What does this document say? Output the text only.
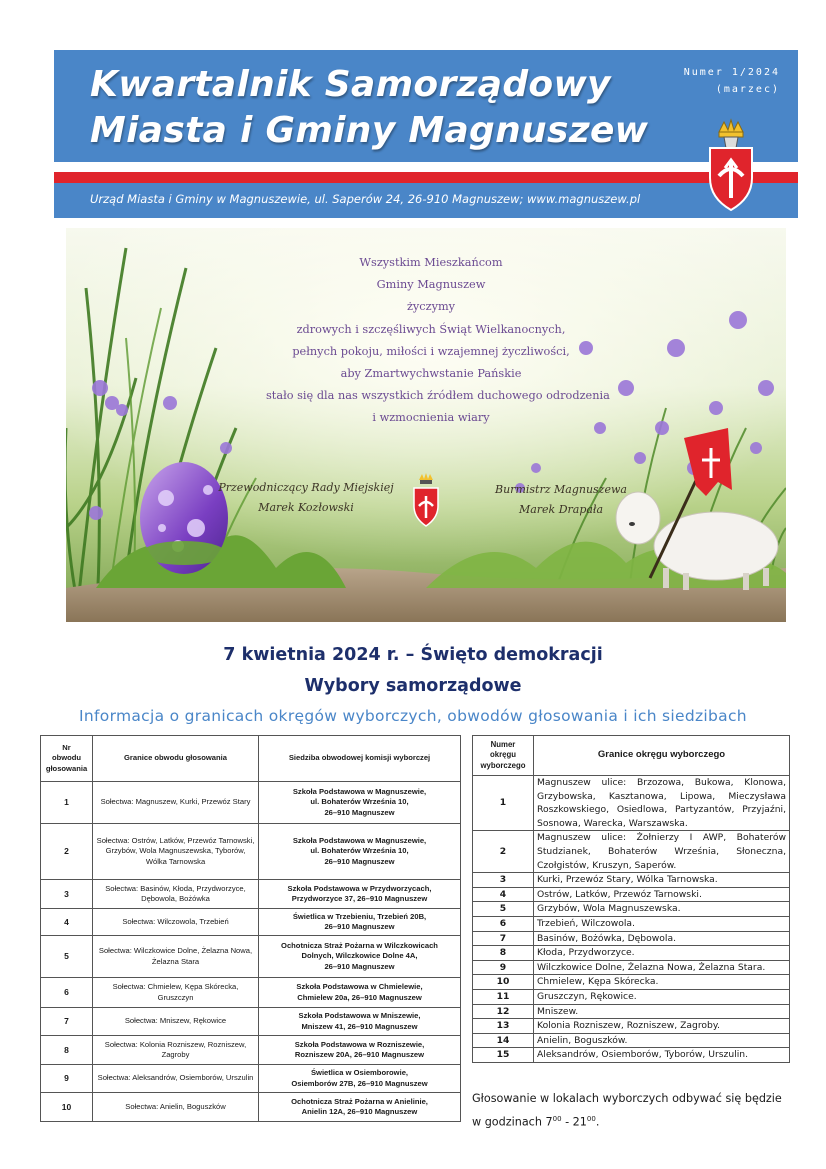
Kwartalnik Samorządowy
Miasta i Gminy Magnuszew
Numer 1/2024
(marzec)
Urząd Miasta i Gminy w Magnuszewie, ul. Saperów 24, 26-910 Magnuszew; www.magnuszew.pl
Wszystkim Mieszkańcom
Gminy Magnuszew
życzymy
zdrowych i szczęśliwych Świąt Wielkanocnych,
pełnych pokoju, miłości i wzajemnej życzliwości,
aby Zmartwychwstanie Pańskie
stało się dla nas wszystkich źródłem duchowego odrodzenia
i wzmocnienia wiary
Przewodniczący Rady Miejskiej
Marek Kozłowski
Burmistrz Magnuszewa
Marek Drapała
7 kwietnia 2024 r. – Święto demokracji
Wybory samorządowe
Informacja o granicach okręgów wyborczych, obwodów głosowania i ich siedzibach
Nr
obwodu
głosowania	Granice obwodu głosowania	Siedziba obwodowej komisji wyborczej
1	Sołectwa: Magnuszew, Kurki, Przewóz Stary	Szkoła Podstawowa w Magnuszewie,
ul. Bohaterów Września 10,
26–910 Magnuszew

2	Sołectwa: Ostrów, Latków, Przewóz Tarnowski, Grzybów, Wola Magnuszewska, Tyborów, Wólka Tarnowska	Szkoła Podstawowa w Magnuszewie,
ul. Bohaterów Września 10,
26–910 Magnuszew

3	Sołectwa: Basinów, Kłoda, Przydworzyce, Dębowola, Bożówka	Szkoła Podstawowa w Przydworzycach,
Przydworzyce 37, 26–910 Magnuszew

4	Sołectwa: Wilczowola, Trzebień	Świetlica w Trzebieniu, Trzebień 20B,
26–910 Magnuszew

5	Sołectwa: Wilczkowice Dolne, Żelazna Nowa, Żelazna Stara	Ochotnicza Straż Pożarna w Wilczkowicach
Dolnych, Wilczkowice Dolne 4A,
26–910 Magnuszew

6	Sołectwa: Chmielew, Kępa Skórecka, Gruszczyn	Szkoła Podstawowa w Chmielewie,
Chmielew 20a, 26–910 Magnuszew

7	Sołectwa: Mniszew, Rękowice	Szkoła Podstawowa w Mniszewie,
Mniszew 41, 26–910 Magnuszew

8	Sołectwa: Kolonia Rozniszew, Rozniszew, Zagroby	Szkoła Podstawowa w Rozniszewie,
Rozniszew 20A, 26–910 Magnuszew

9	Sołectwa: Aleksandrów, Osiemborów, Urszulin	Świetlica w Osiemborowie,
Osiemborów 27B, 26–910 Magnuszew

10	Sołectwa: Anielin, Boguszków	Ochotnicza Straż Pożarna w Anielinie,
Anielin 12A, 26–910 Magnuszew
Numer
okręgu
wyborczego	Granice okręgu wyborczego
1	Magnuszew ulice: Brzozowa, Bukowa, Klonowa, Grzybowska, Kasztanowa, Lipowa, Mieczysława Roszkowskiego, Osiedlowa, Partyzantów, Przyjaźni, Sosnowa, Warecka, Warszawska.
2	Magnuszew ulice: Żołnierzy I AWP, Bohaterów Studzianek, Bohaterów Września, Słoneczna, Czołgistów, Kruszyn, Saperów.
3	Kurki, Przewóz Stary, Wólka Tarnowska.
4	Ostrów, Latków, Przewóz Tarnowski.
5	Grzybów, Wola Magnuszewska.
6	Trzebień, Wilczowola.
7	Basinów, Bożówka, Dębowola.
8	Kłoda, Przydworzyce.
9	Wilczkowice Dolne, Żelazna Nowa, Żelazna Stara.
10	Chmielew, Kępa Skórecka.
11	Gruszczyn, Rękowice.
12	Mniszew.
13	Kolonia Rozniszew, Rozniszew, Zagroby.
14	Anielin, Boguszków.
15	Aleksandrów, Osiemborów, Tyborów, Urszulin.
Głosowanie w lokalach wyborczych odbywać się będzie
w godzinach $7^{00} - 21^{00}$.
